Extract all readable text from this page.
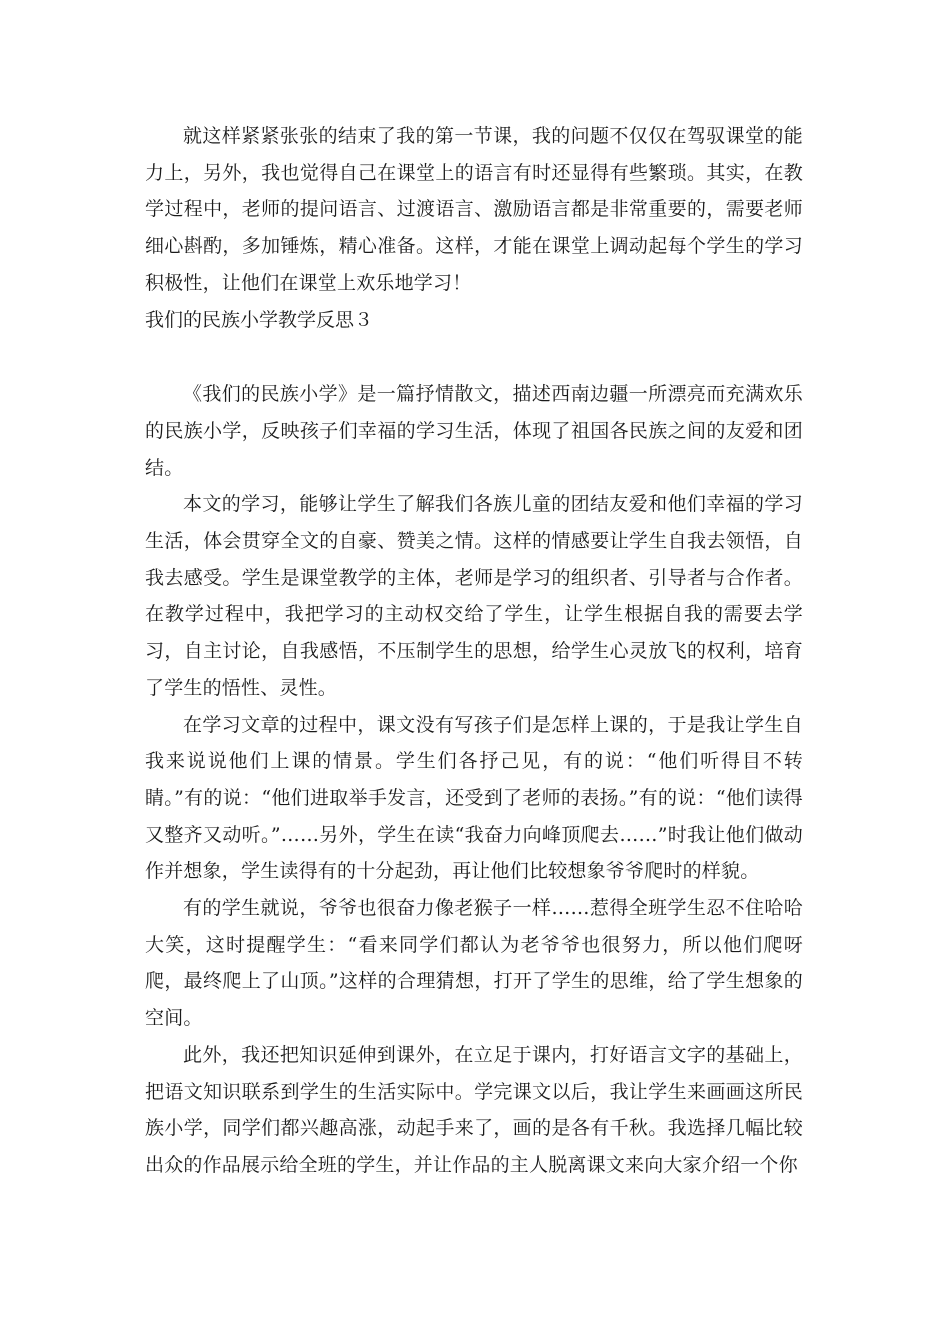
就这样紧紧张张的结束了我的第一节课，我的问题不仅仅在驾驭课堂的能力上，另外，我也觉得自己在课堂上的语言有时还显得有些繁琐。其实，在教学过程中，老师的提问语言、过渡语言、激励语言都是非常重要的，需要老师细心斟酌，多加锤炼，精心准备。这样，才能在课堂上调动起每个学生的学习积极性，让他们在课堂上欢乐地学习！

我们的民族小学教学反思３

《我们的民族小学》是一篇抒情散文，描述西南边疆一所漂亮而充满欢乐的民族小学，反映孩子们幸福的学习生活，体现了祖国各民族之间的友爱和团结。

本文的学习，能够让学生了解我们各族儿童的团结友爱和他们幸福的学习生活，体会贯穿全文的自豪、赞美之情。这样的情感要让学生自我去领悟，自我去感受。学生是课堂教学的主体，老师是学习的组织者、引导者与合作者。在教学过程中，我把学习的主动权交给了学生，让学生根据自我的需要去学习，自主讨论，自我感悟，不压制学生的思想，给学生心灵放飞的权利，培育了学生的悟性、灵性。

在学习文章的过程中，课文没有写孩子们是怎样上课的，于是我让学生自我来说说他们上课的情景。学生们各抒己见，有的说：“他们听得目不转睛。”有的说：“他们进取举手发言，还受到了老师的表扬。”有的说：“他们读得又整齐又动听。”……另外，学生在读“我奋力向峰顶爬去……”时我让他们做动作并想象，学生读得有的十分起劲，再让他们比较想象爷爷爬时的样貌。

有的学生就说，爷爷也很奋力像老猴子一样……惹得全班学生忍不住哈哈大笑，这时提醒学生：“看来同学们都认为老爷爷也很努力，所以他们爬呀爬，最终爬上了山顶。”这样的合理猜想，打开了学生的思维，给了学生想象的空间。

此外，我还把知识延伸到课外，在立足于课内，打好语言文字的基础上，把语文知识联系到学生的生活实际中。学完课文以后，我让学生来画画这所民族小学，同学们都兴趣高涨，动起手来了，画的是各有千秋。我选择几幅比较出众的作品展示给全班的学生，并让作品的主人脱离课文来向大家介绍一个你
